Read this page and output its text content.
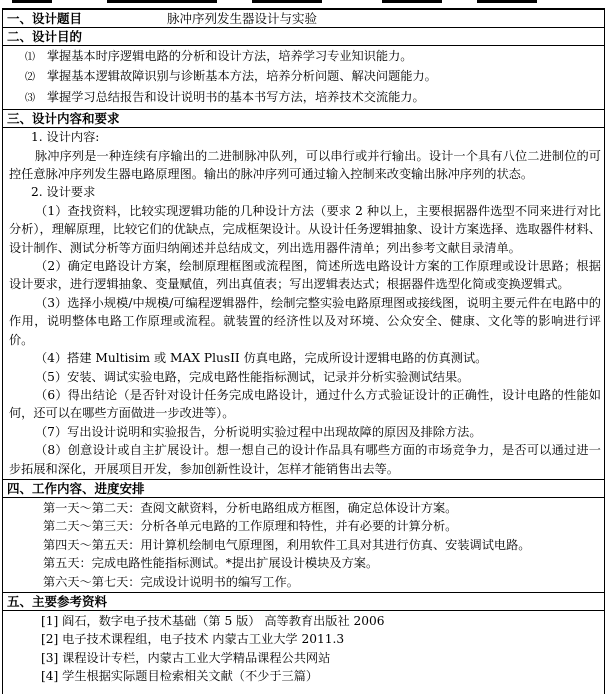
一、设计题目	脉冲序列发生器设计与实验

二、设计目的
⑴ 掌握基本时序逻辑电路的分析和设计方法，培养学习专业知识能力。
⑵ 掌握基本逻辑故障识别与诊断基本方法，培养分析问题、解决问题能力。
⑶ 掌握学习总结报告和设计说明书的基本书写方法，培养技术交流能力。

三、设计内容和要求
1. 设计内容:
脉冲序列是一种连续有序输出的二进制脉冲队列，可以串行或并行输出。设计一个具有八位二进制位的可控任意脉冲序列发生器电路原理图。输出的脉冲序列可通过输入控制来改变输出脉冲序列的状态。
2. 设计要求
（1）查找资料，比较实现逻辑功能的几种设计方法（要求 2 种以上，主要根据器件选型不同来进行对比分析），理解原理，比较它们的优缺点，完成框架设计。从设计任务逻辑抽象、设计方案选择、选取器件材料、设计制作、测试分析等方面归纳阐述并总结成文，列出选用器件清单；列出参考文献目录清单。
（2）确定电路设计方案，绘制原理框图或流程图，简述所选电路设计方案的工作原理或设计思路；根据设计要求，进行逻辑抽象、变量赋值，列出真值表；写出逻辑表达式；根据器件选型化简或变换逻辑式。
（3）选择小规模/中规模/可编程逻辑器件，绘制完整实验电路原理图或接线图，说明主要元件在电路中的作用，说明整体电路工作原理或流程。就装置的经济性以及对环境、公众安全、健康、文化等的影响进行评价。
（4）搭建 Multisim 或 MAX PlusII 仿真电路，完成所设计逻辑电路的仿真测试。
（5）安装、调试实验电路，完成电路性能指标测试，记录并分析实验测试结果。
（6）得出结论（是否针对设计任务完成电路设计，通过什么方式验证设计的正确性，设计电路的性能如何，还可以在哪些方面做进一步改进等）。
（7）写出设计说明和实验报告，分析说明实验过程中出现故障的原因及排除方法。
（8）创意设计或自主扩展设计。想一想自己的设计作品具有哪些方面的市场竞争力，是否可以通过进一步拓展和深化，开展项目开发，参加创新性设计，怎样才能销售出去等。

四、工作内容、进度安排
第一天～第二天：查阅文献资料，分析电路组成方框图，确定总体设计方案。
第二天～第三天：分析各单元电路的工作原理和特性，并有必要的计算分析。
第四天～第五天：用计算机绘制电气原理图，利用软件工具对其进行仿真、安装调试电路。
第五天：完成电路性能指标测试。*提出扩展设计模块及方案。
第六天～第七天：完成设计说明书的编写工作。

五、主要参考资料
[1] 阎石，数字电子技术基础（第 5 版） 高等教育出版社 2006
[2] 电子技术课程组，电子技术 内蒙古工业大学 2011.3
[3] 课程设计专栏，内蒙古工业大学精品课程公共网站
[4] 学生根据实际题目检索相关文献（不少于三篇）
